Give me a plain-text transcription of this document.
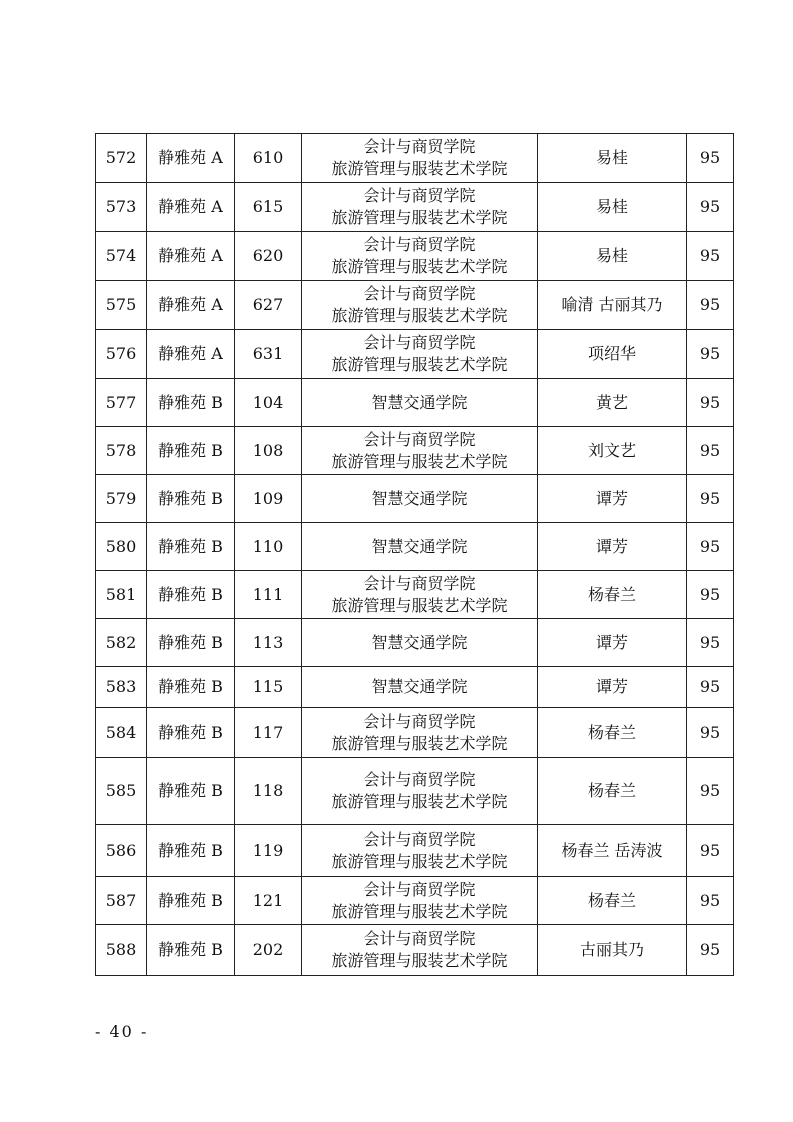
572	静雅苑 A	610	会计与商贸学院
旅游管理与服装艺术学院	易桂	95
573	静雅苑 A	615	会计与商贸学院
旅游管理与服装艺术学院	易桂	95
574	静雅苑 A	620	会计与商贸学院
旅游管理与服装艺术学院	易桂	95
575	静雅苑 A	627	会计与商贸学院
旅游管理与服装艺术学院	喻清 古丽其乃	95
576	静雅苑 A	631	会计与商贸学院
旅游管理与服装艺术学院	项绍华	95
577	静雅苑 B	104	智慧交通学院	黄艺	95
578	静雅苑 B	108	会计与商贸学院
旅游管理与服装艺术学院	刘文艺	95
579	静雅苑 B	109	智慧交通学院	谭芳	95
580	静雅苑 B	110	智慧交通学院	谭芳	95
581	静雅苑 B	111	会计与商贸学院
旅游管理与服装艺术学院	杨春兰	95
582	静雅苑 B	113	智慧交通学院	谭芳	95
583	静雅苑 B	115	智慧交通学院	谭芳	95
584	静雅苑 B	117	会计与商贸学院
旅游管理与服装艺术学院	杨春兰	95
585	静雅苑 B	118	会计与商贸学院
旅游管理与服装艺术学院	杨春兰	95
586	静雅苑 B	119	会计与商贸学院
旅游管理与服装艺术学院	杨春兰 岳涛波	95
587	静雅苑 B	121	会计与商贸学院
旅游管理与服装艺术学院	杨春兰	95
588	静雅苑 B	202	会计与商贸学院
旅游管理与服装艺术学院	古丽其乃	95
- 40 -
